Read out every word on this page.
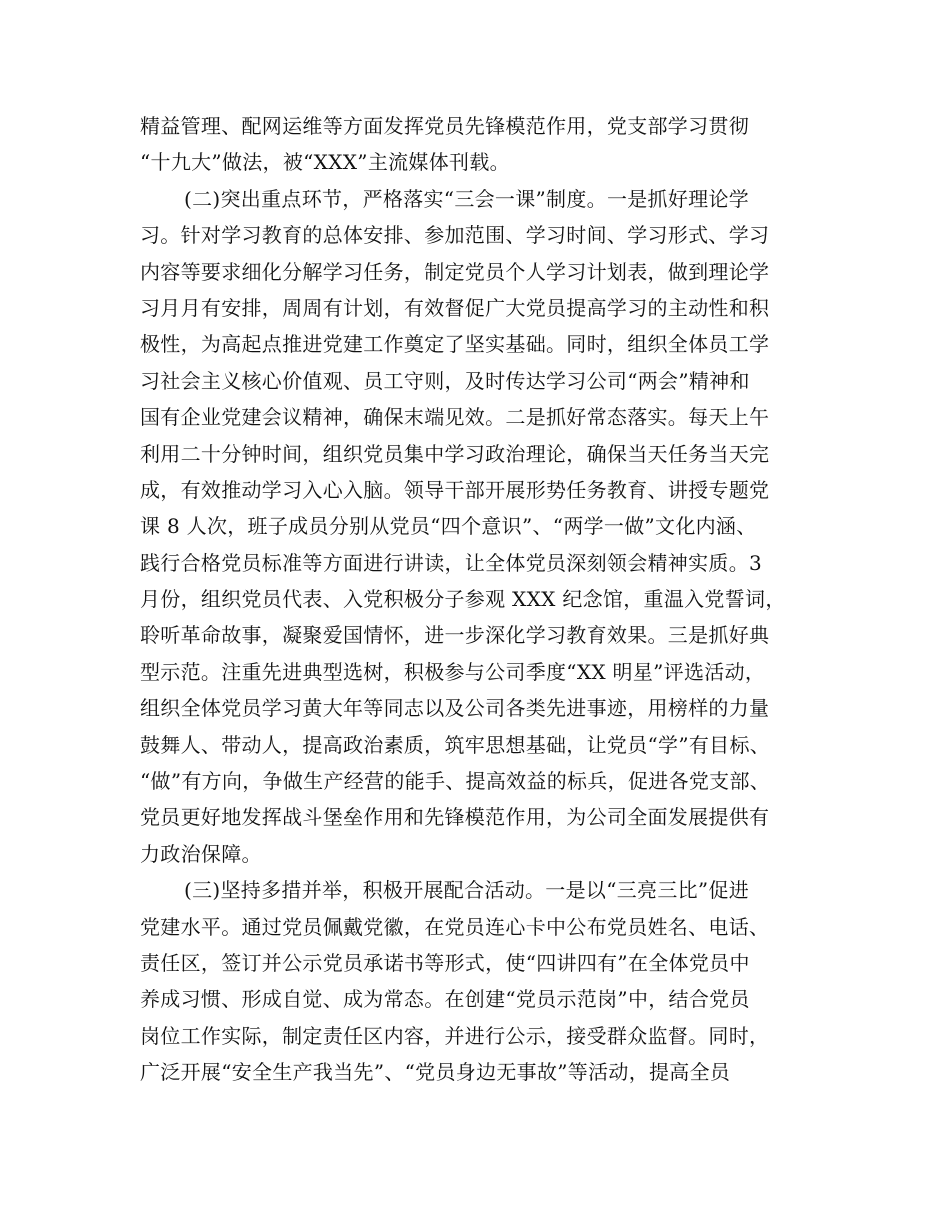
精益管理、配网运维等方面发挥党员先锋模范作用，党支部学习贯彻
“十九大”做法，被“XXX”主流媒体刊载。
(二)突出重点环节，严格落实“三会一课”制度。一是抓好理论学
习。针对学习教育的总体安排、参加范围、学习时间、学习形式、学习
内容等要求细化分解学习任务，制定党员个人学习计划表，做到理论学
习月月有安排，周周有计划，有效督促广大党员提高学习的主动性和积
极性，为高起点推进党建工作奠定了坚实基础。同时，组织全体员工学
习社会主义核心价值观、员工守则，及时传达学习公司“两会”精神和
国有企业党建会议精神，确保末端见效。二是抓好常态落实。每天上午
利用二十分钟时间，组织党员集中学习政治理论，确保当天任务当天完
成，有效推动学习入心入脑。领导干部开展形势任务教育、讲授专题党
课 8 人次，班子成员分别从党员“四个意识”、“两学一做”文化内涵、
践行合格党员标准等方面进行讲读，让全体党员深刻领会精神实质。3
月份，组织党员代表、入党积极分子参观 XXX 纪念馆，重温入党誓词，
聆听革命故事，凝聚爱国情怀，进一步深化学习教育效果。三是抓好典
型示范。注重先进典型选树，积极参与公司季度“XX 明星”评选活动，
组织全体党员学习黄大年等同志以及公司各类先进事迹，用榜样的力量
鼓舞人、带动人，提高政治素质，筑牢思想基础，让党员“学”有目标、
“做”有方向，争做生产经营的能手、提高效益的标兵，促进各党支部、
党员更好地发挥战斗堡垒作用和先锋模范作用，为公司全面发展提供有
力政治保障。
(三)坚持多措并举，积极开展配合活动。一是以“三亮三比”促进
党建水平。通过党员佩戴党徽，在党员连心卡中公布党员姓名、电话、
责任区，签订并公示党员承诺书等形式，使“四讲四有”在全体党员中
养成习惯、形成自觉、成为常态。在创建“党员示范岗”中，结合党员
岗位工作实际，制定责任区内容，并进行公示，接受群众监督。同时，
广泛开展“安全生产我当先”、“党员身边无事故”等活动，提高全员
